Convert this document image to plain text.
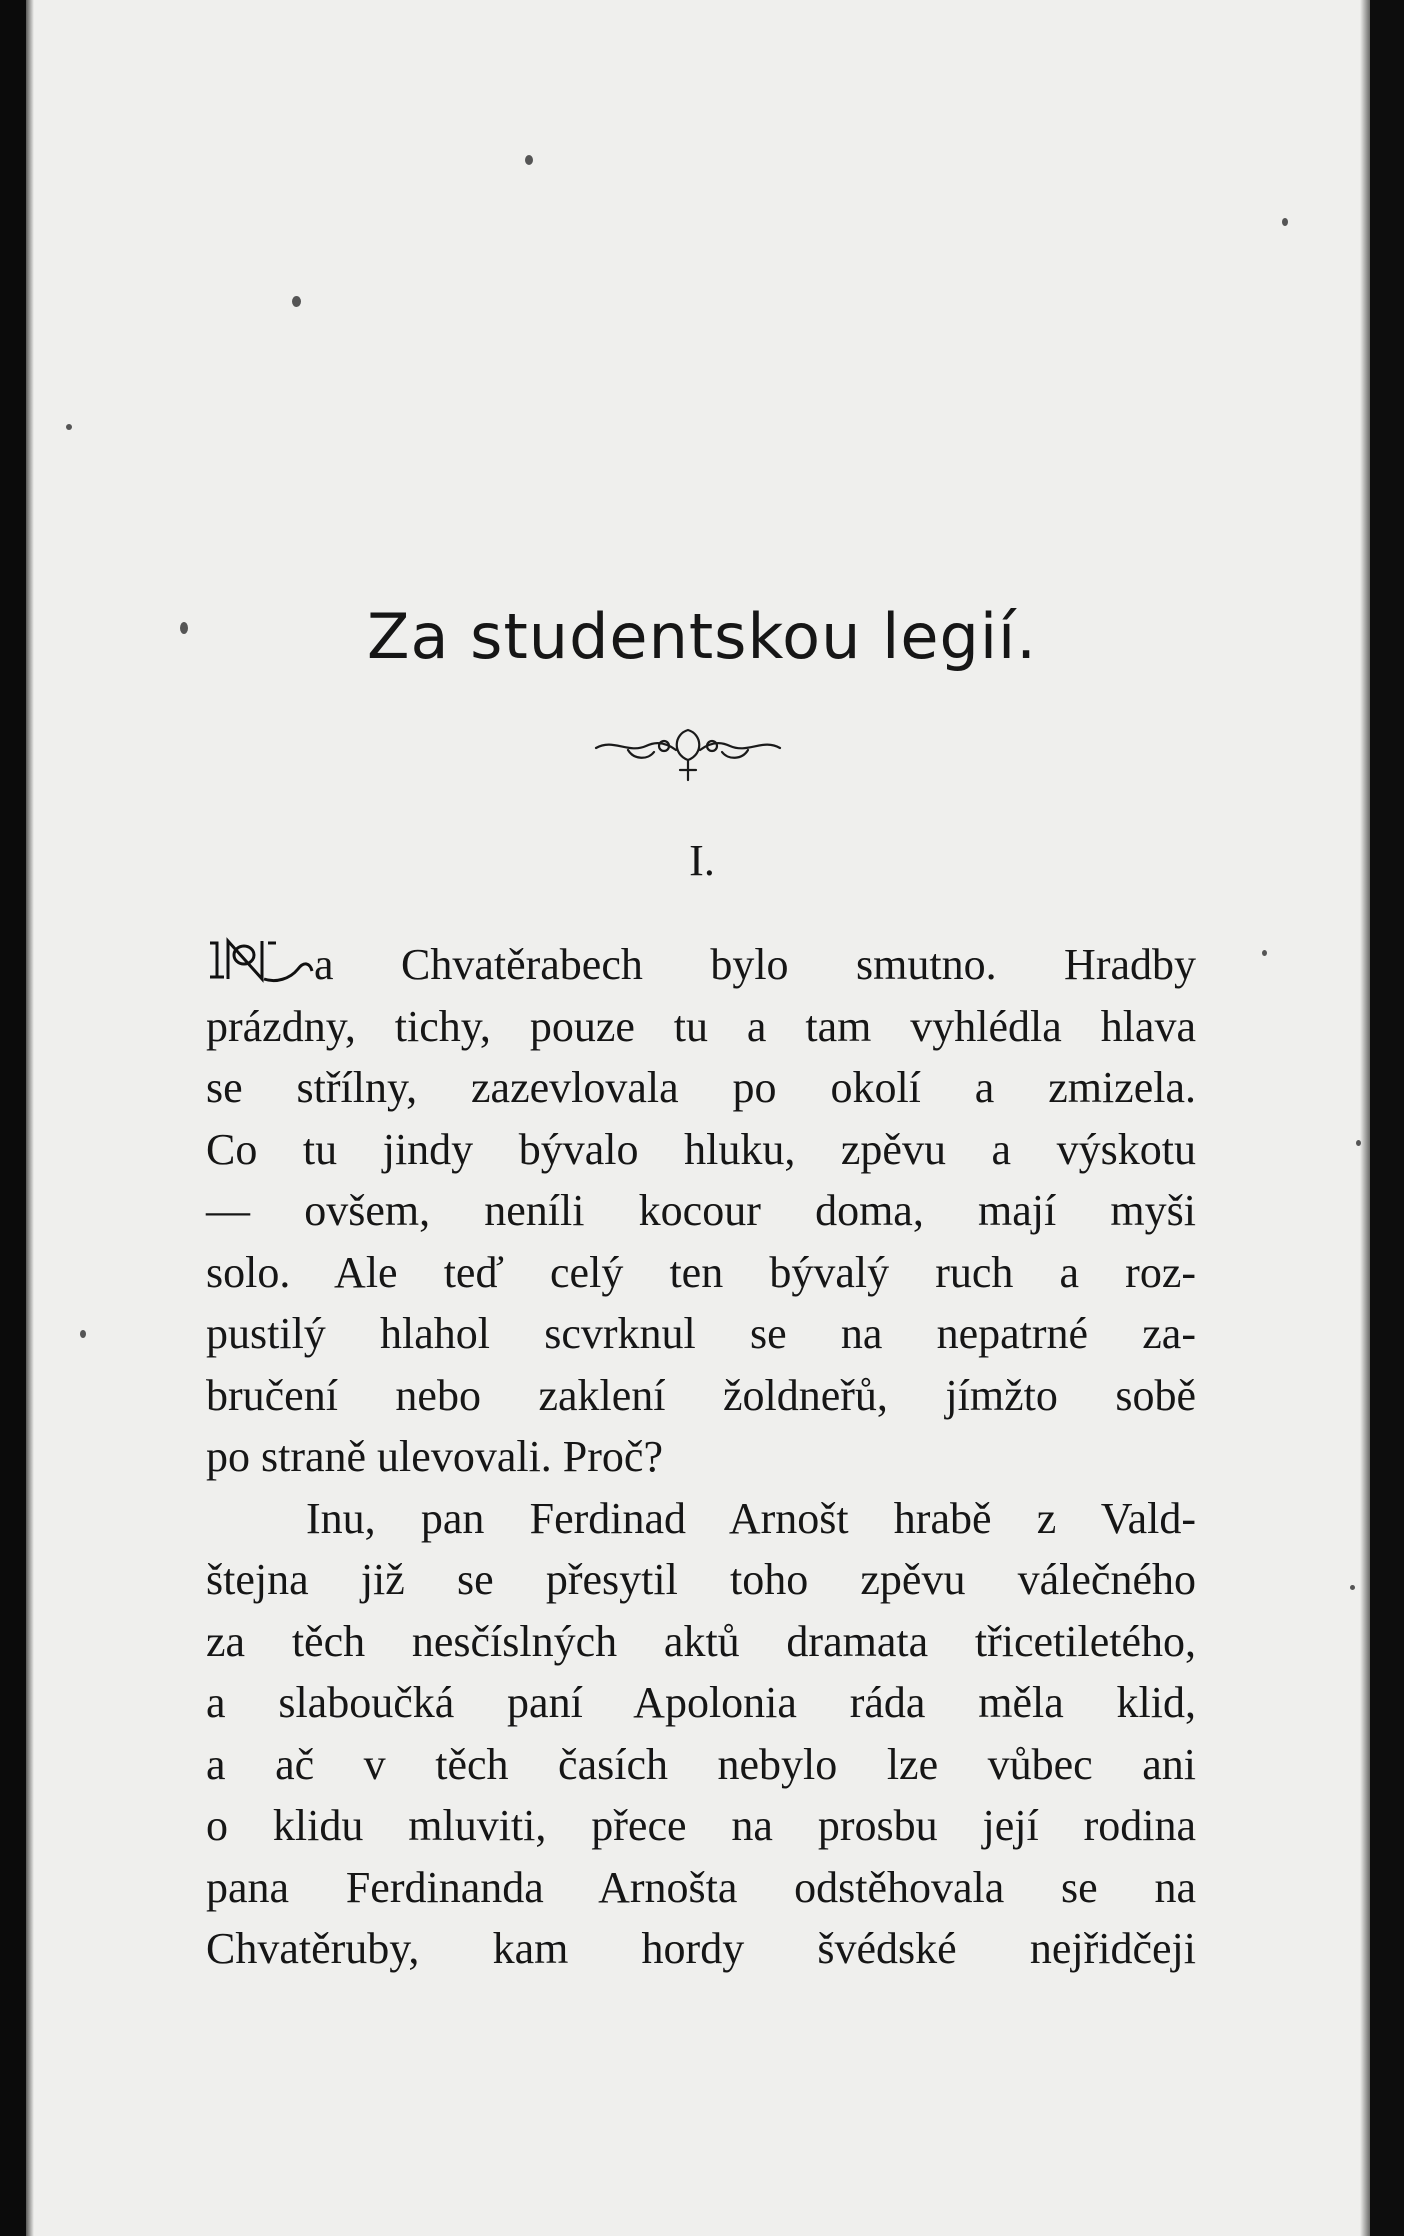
Za studentskou legií.
I.
a Chvatěrabech bylo smutno. Hradby
prázdny, tichy, pouze tu a tam vyhlédla hlava
se střílny, zazevlovala po okolí a zmizela.
Co tu jindy bývalo hluku, zpěvu a výskotu
— ovšem, neníli kocour doma, mají myši
solo. Ale teď celý ten bývalý ruch a roz-
pustilý hlahol scvrknul se na nepatrné za-
bručení nebo zaklení žoldneřů, jímžto sobě
po straně ulevovali. Proč?
Inu, pan Ferdinad Arnošt hrabě z Vald-
štejna již se přesytil toho zpěvu válečného
za těch nesčíslných aktů dramata třicetiletého,
a slaboučká paní Apolonia ráda měla klid,
a ač v těch časích nebylo lze vůbec ani
o klidu mluviti, přece na prosbu její rodina
pana Ferdinanda Arnošta odstěhovala se na
Chvatěruby, kam hordy švédské nejřidčeji
